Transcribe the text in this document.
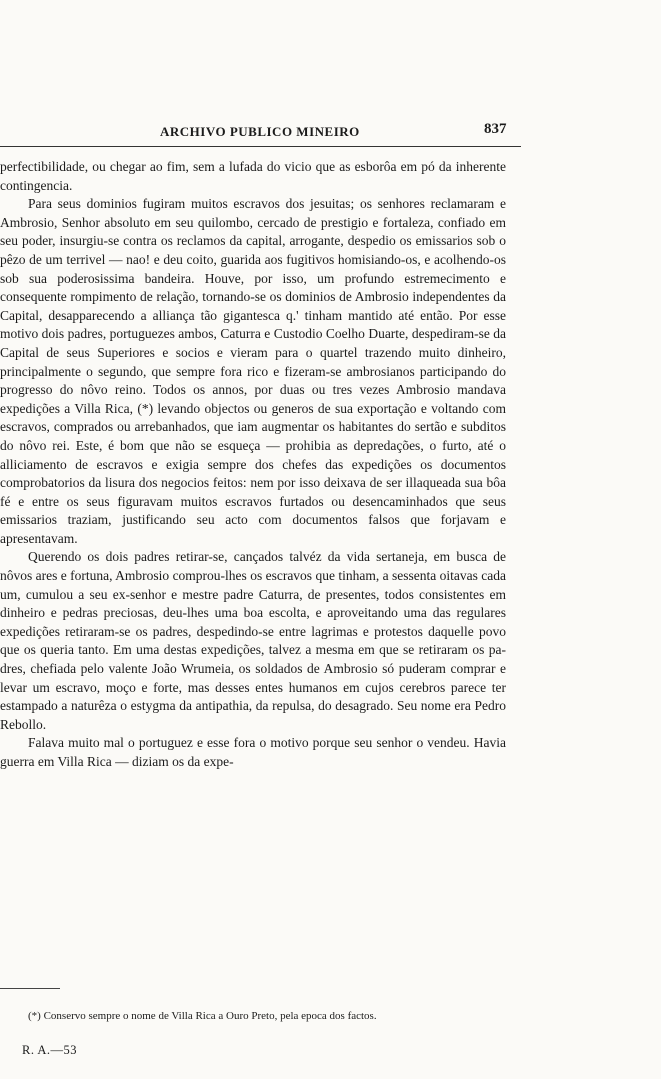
ARCHIVO PUBLICO MINEIRO	837

perfectibilidade, ou chegar ao fim, sem a lufada do vicio que as esborôa em pó da inherente contingencia.

Para seus dominios fugiram muitos escravos dos jesuitas; os senhores reclamaram e Ambrosio, Senhor absoluto em seu quilombo, cercado de prestigio e fortaleza, confiado em seu poder, insurgiu-se contra os reclamos da capital, arrogante, despedio os emissarios sob o pêzo de um terrivel — nao! e deu coito, guarida aos fugitivos homisiando-os, e acolhendo-os sob sua poderosissima bandeira. Houve, por isso, um profundo estremecimento e consequente rompimento de relação, tornando-se os dominios de Ambrosio independentes da Capital, desapparecendo a alliança tão gigantesca q.' tinham mantido até então. Por esse motivo dois padres, portuguezes ambos, Caturra e Custodio Coelho Duarte, despediram-se da Capital de seus Superiores e socios e vieram para o quartel trazendo muito dinheiro, principalmente o segundo, que sempre fora rico e fizeram-se ambrosianos participando do progresso do nôvo reino. Todos os annos, por duas ou tres vezes Ambrosio mandava expedições a Villa Rica, (*) levando objectos ou generos de sua exportação e voltando com escravos, comprados ou arrebanhados, que iam augmentar os habitantes do sertão e subditos do nôvo rei. Este, é bom que não se esqueça — prohibia as depredações, o furto, até o alliciamento de escravos e exigia sempre dos chefes das expedições os documentos comprobatorios da lisura dos negocios feitos: nem por isso deixava de ser illaqueada sua bôa fé e entre os seus figuravam muitos escravos furtados ou desencaminhados que seus emissarios traziam, justificando seu acto com documentos falsos que forjavam e apresentavam.

Querendo os dois padres retirar-se, cançados talvéz da vida sertaneja, em busca de nôvos ares e fortuna, Ambrosio comprou-lhes os escravos que tinham, a sessenta oitavas cada um, cumulou a seu ex-senhor e mestre padre Caturra, de presentes, todos consistentes em dinheiro e pedras preciosas, deu-lhes uma boa escolta, e aproveitando uma das regulares expedições retiraram-se os padres, despedindo-se entre lagrimas e protestos daquelle povo que os queria tanto. Em uma destas expedições, talvez a mesma em que se retiraram os padres, chefiada pelo valente João Wrumeia, os soldados de Ambrosio só puderam comprar e levar um escravo, moço e forte, mas desses entes humanos em cujos cerebros parece ter estampado a naturêza o estygma da antipathia, da repulsa, do desagrado. Seu nome era Pedro Rebollo.

Falava muito mal o portuguez e esse fora o motivo porque seu senhor o vendeu. Havia guerra em Villa Rica — diziam os da expe-

(*) Conservo sempre o nome de Villa Rica a Ouro Preto, pela epoca dos factos.
R. A.—53
